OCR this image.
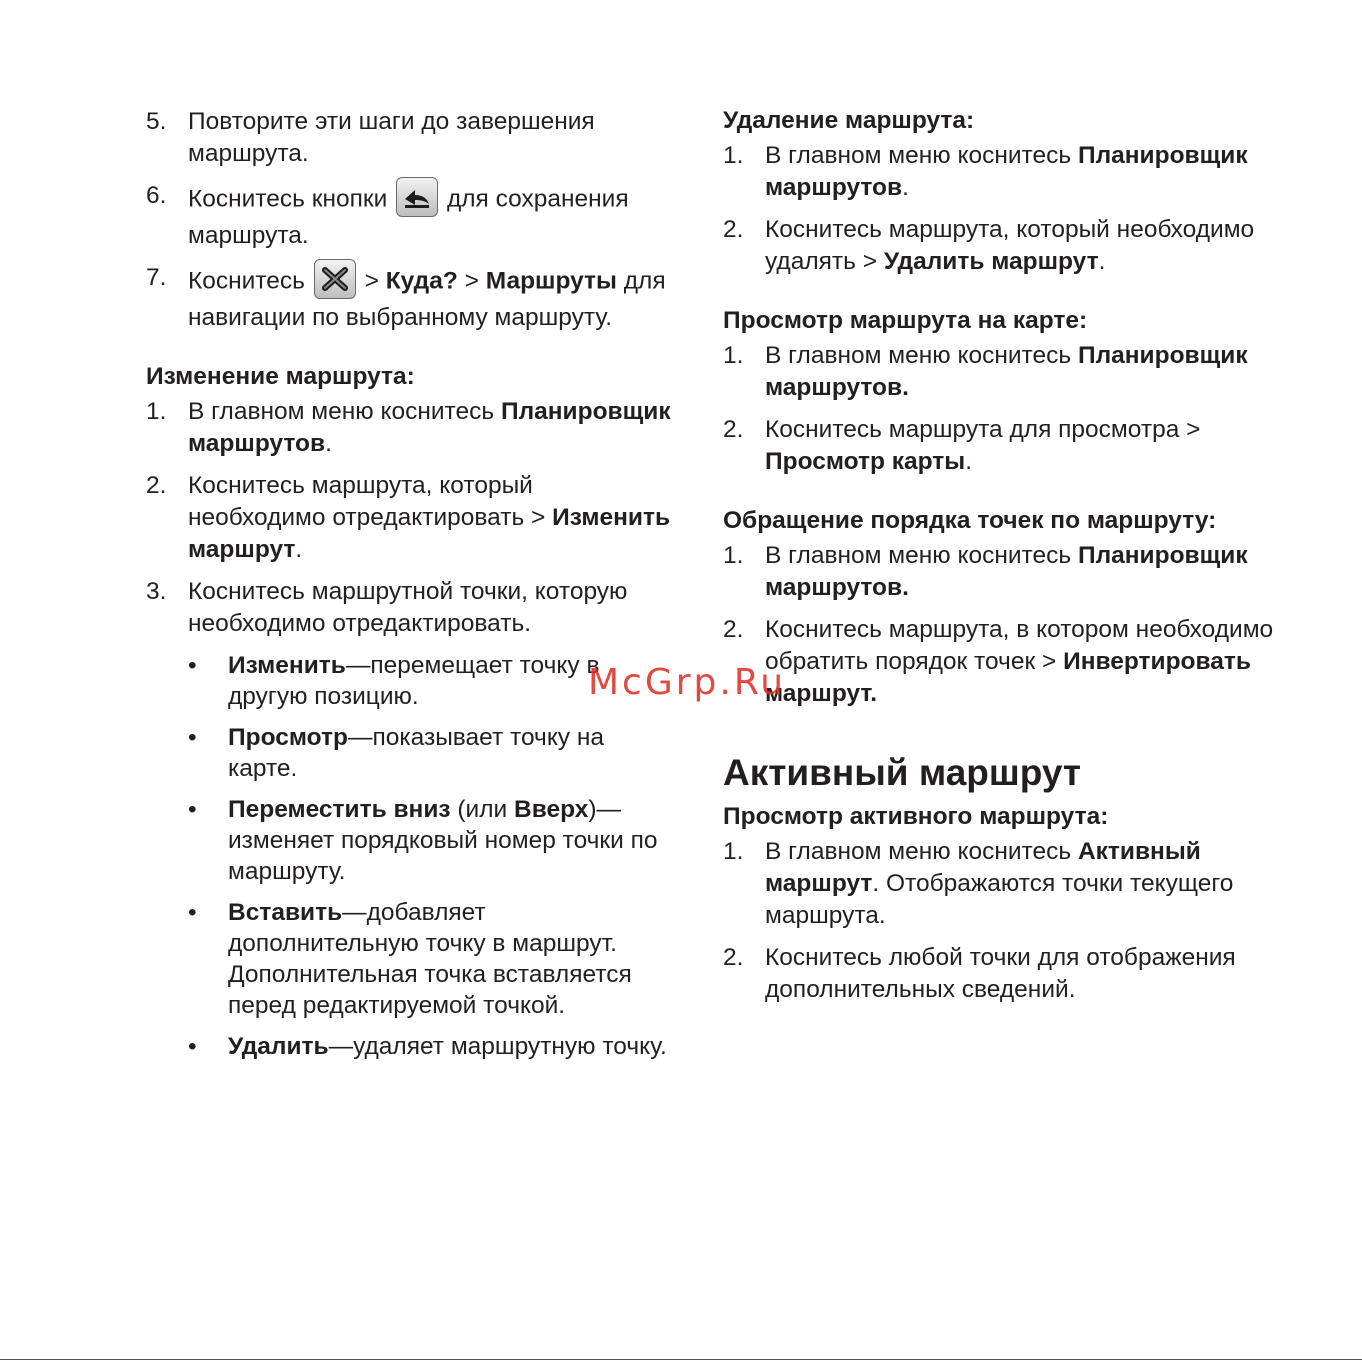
5. Повторите эти шаги до завершения маршрута.
6. Коснитесь кнопки для сохранения маршрута.
7. Коснитесь
> Куда? > Маршруты для навигации по выбранному маршруту.
Изменение маршрута:
1. В главном меню коснитесь Планировщик маршрутов.
2. Коснитесь маршрута, который необходимо отредактировать > Изменить маршрут.
3. Коснитесь маршрутной точки, которую необходимо отредактировать.
• Изменить—перемещает точку в другую позицию.
• Просмотр—показывает точку на карте.
• Переместить вниз (или Вверх)—изменяет порядковый номер точки по маршруту.
• Вставить—добавляет дополнительную точку в маршрут. Дополнительная точка вставляется перед редактируемой точкой.
• Удалить—удаляет маршрутную точку.
Удаление маршрута:
1. В главном меню коснитесь Планировщик маршрутов.
2. Коснитесь маршрута, который необходимо удалять > Удалить маршрут.
Просмотр маршрута на карте:
1. В главном меню коснитесь Планировщик маршрутов.
2. Коснитесь маршрута для просмотра > Просмотр карты.
Обращение порядка точек по маршруту:
1. В главном меню коснитесь Планировщик маршрутов.
2. Коснитесь маршрута, в котором необходимо обратить порядок точек > Инвертировать маршрут.
Активный маршрут
Просмотр активного маршрута:
1. В главном меню коснитесь Активный маршрут. Отображаются точки текущего маршрута.
2. Коснитесь любой точки для отображения дополнительных сведений.
McGrp.Ru
